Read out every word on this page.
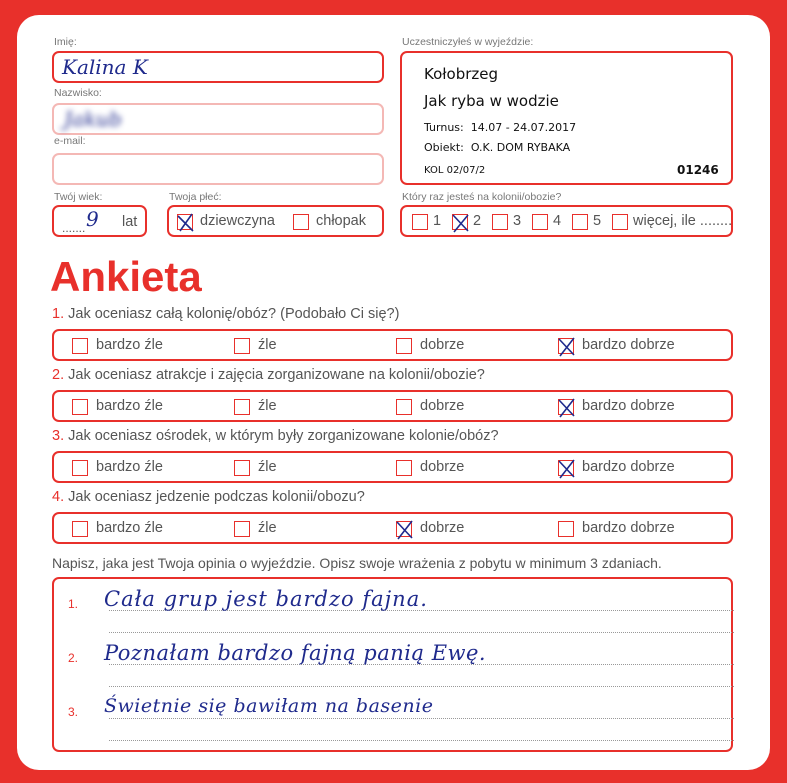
Imię:
Kalina K
Nazwisko:
Jakub
e-mail:
Twój wiek:
....... 9 lat
Twoja płeć:
dziewczyna	chłopak
Uczestniczyłeś w wyjeździe:
Kołobrzeg
Jak ryba w wodzie
Turnus:  14.07 - 24.07.2017
Obiekt:  O.K. DOM RYBAKA
KOL 02/07/2	01246
Który raz jesteś na kolonii/obozie?
1 2 3 4 5 więcej, ile ........
Ankieta
1. Jak oceniasz całą kolonię/obóz? (Podobało Ci się?)
bardzo źle	źle	dobrze	bardzo dobrze
2. Jak oceniasz atrakcje i zajęcia zorganizowane na kolonii/obozie?
bardzo źle	źle	dobrze	bardzo dobrze
3. Jak oceniasz ośrodek, w którym były zorganizowane kolonie/obóz?
bardzo źle	źle	dobrze	bardzo dobrze
4. Jak oceniasz jedzenie podczas kolonii/obozu?
bardzo źle	źle	dobrze	bardzo dobrze
Napisz, jaka jest Twoja opinia o wyjeździe. Opisz swoje wrażenia z pobytu w minimum 3 zdaniach.
1.
2.
3.
Cała grup jest bardzo fajna.
Poznałam bardzo fajną panią Ewę.
Świetnie się bawiłam na basenie
